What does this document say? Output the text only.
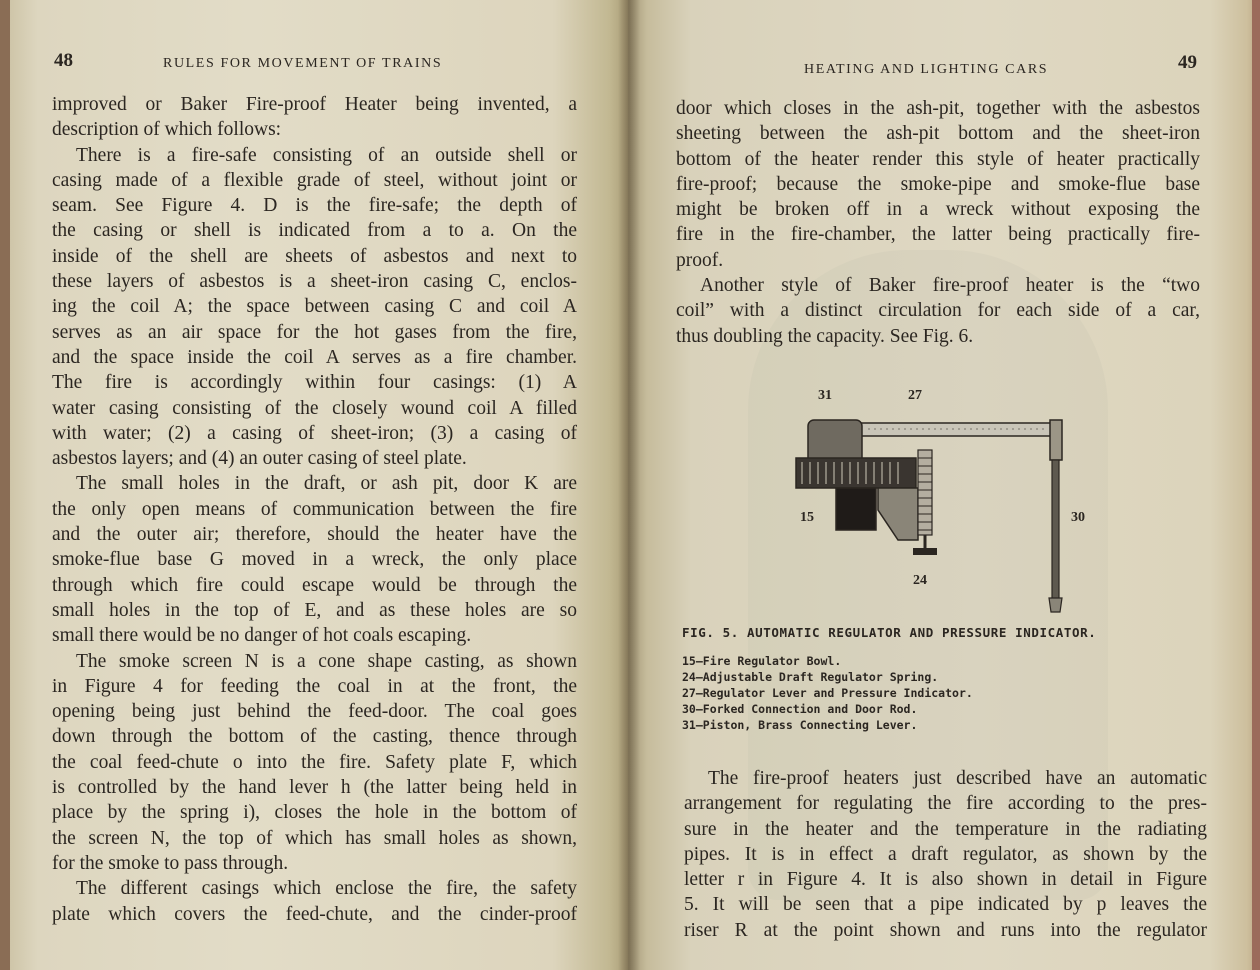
48	RULES FOR MOVEMENT OF TRAINS
improved or Baker Fire-proof Heater being invented, a
description of which follows:
There is a fire-safe consisting of an outside shell or
casing made of a flexible grade of steel, without joint or
seam. See Figure 4. D is the fire-safe; the depth of
the casing or shell is indicated from a to a. On the
inside of the shell are sheets of asbestos and next to
these layers of asbestos is a sheet-iron casing C, enclos-
ing the coil A; the space between casing C and coil A
serves as an air space for the hot gases from the fire,
and the space inside the coil A serves as a fire chamber.
The fire is accordingly within four casings: (1) A
water casing consisting of the closely wound coil A filled
with water; (2) a casing of sheet-iron; (3) a casing of
asbestos layers; and (4) an outer casing of steel plate.
The small holes in the draft, or ash pit, door K are
the only open means of communication between the fire
and the outer air; therefore, should the heater have the
smoke-flue base G moved in a wreck, the only place
through which fire could escape would be through the
small holes in the top of E, and as these holes are so
small there would be no danger of hot coals escaping.
The smoke screen N is a cone shape casting, as shown
in Figure 4 for feeding the coal in at the front, the
opening being just behind the feed-door. The coal goes
down through the bottom of the casting, thence through
the coal feed-chute o into the fire. Safety plate F, which
is controlled by the hand lever h (the latter being held in
place by the spring i), closes the hole in the bottom of
the screen N, the top of which has small holes as shown,
for the smoke to pass through.
The different casings which enclose the fire, the safety
plate which covers the feed-chute, and the cinder-proof
HEATING AND LIGHTING CARS	49
door which closes in the ash-pit, together with the asbestos
sheeting between the ash-pit bottom and the sheet-iron
bottom of the heater render this style of heater practically
fire-proof; because the smoke-pipe and smoke-flue base
might be broken off in a wreck without exposing the
fire in the fire-chamber, the latter being practically fire-
proof.
Another style of Baker fire-proof heater is the “two
coil” with a distinct circulation for each side of a car,
thus doubling the capacity. See Fig. 6.
31	27
15	30
24
FIG. 5. AUTOMATIC REGULATOR AND PRESSURE INDICATOR.
15—Fire Regulator Bowl.
24—Adjustable Draft Regulator Spring.
27—Regulator Lever and Pressure Indicator.
30—Forked Connection and Door Rod.
31—Piston, Brass Connecting Lever.
The fire-proof heaters just described have an automatic
arrangement for regulating the fire according to the pres-
sure in the heater and the temperature in the radiating
pipes. It is in effect a draft regulator, as shown by the
letter r in Figure 4. It is also shown in detail in Figure
5. It will be seen that a pipe indicated by p leaves the
riser R at the point shown and runs into the regulator
